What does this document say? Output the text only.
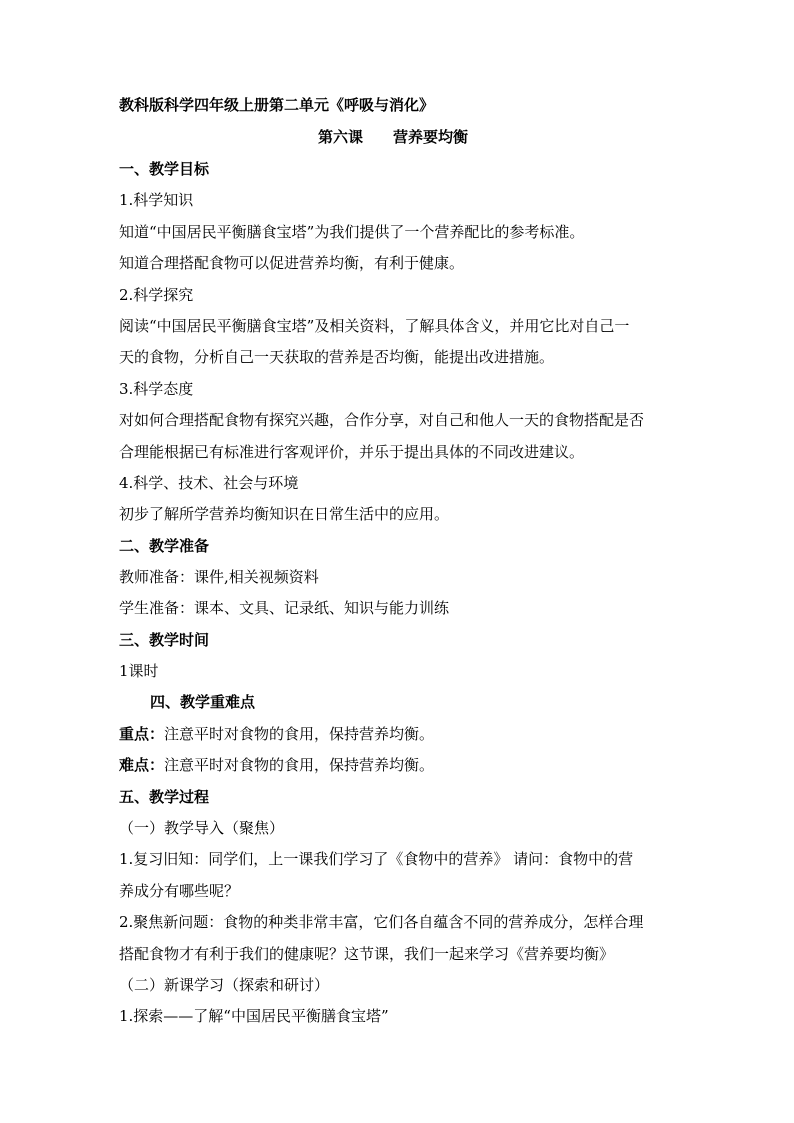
教科版科学四年级上册第二单元《呼吸与消化》
第六课　　营养要均衡
一、教学目标
1.科学知识
知道“中国居民平衡膳食宝塔”为我们提供了一个营养配比的参考标准。
知道合理搭配食物可以促进营养均衡，有利于健康。
2.科学探究
阅读“中国居民平衡膳食宝塔”及相关资料，了解具体含义，并用它比对自己一
天的食物，分析自己一天获取的营养是否均衡，能提出改进措施。
3.科学态度
对如何合理搭配食物有探究兴趣，合作分享，对自己和他人一天的食物搭配是否
合理能根据已有标准进行客观评价，并乐于提出具体的不同改进建议。
4.科学、技术、社会与环境
初步了解所学营养均衡知识在日常生活中的应用。
二、教学准备
教师准备：课件,相关视频资料
学生准备：课本、文具、记录纸、知识与能力训练
三、教学时间
1课时
四、教学重难点
重点：注意平时对食物的食用，保持营养均衡。
难点：注意平时对食物的食用，保持营养均衡。
五、教学过程
（一）教学导入（聚焦）
1.复习旧知：同学们，上一课我们学习了《食物中的营养》 请问：食物中的营
养成分有哪些呢？
2.聚焦新问题：食物的种类非常丰富，它们各自蕴含不同的营养成分，怎样合理
搭配食物才有利于我们的健康呢？这节课，我们一起来学习《营养要均衡》
（二）新课学习（探索和研讨）
1.探索——了解“中国居民平衡膳食宝塔”
